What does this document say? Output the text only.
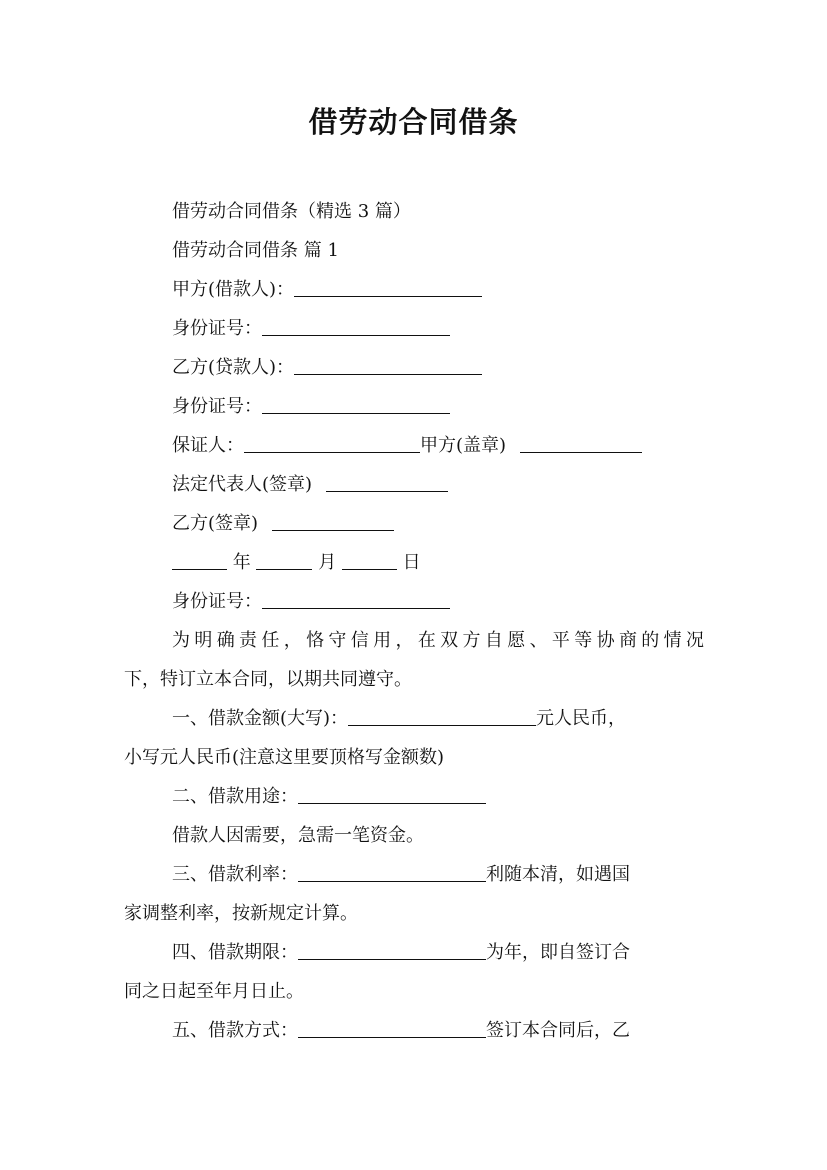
借劳动合同借条
借劳动合同借条（精选 3 篇）
借劳动合同借条 篇 1
甲方(借款人)：
身份证号：
乙方(贷款人)：
身份证号：
保证人：	甲方(盖章)
法定代表人(签章)
乙方(签章)
年	月	日
身份证号：
为明确责任，恪守信用，在双方自愿、平等协商的情况
下，特订立本合同，以期共同遵守。
一、借款金额(大写)：	元人民币，
小写元人民币(注意这里要顶格写金额数)
二、借款用途：
借款人因需要，急需一笔资金。
三、借款利率：	利随本清，如遇国
家调整利率，按新规定计算。
四、借款期限：	为年，即自签订合
同之日起至年月日止。
五、借款方式：	签订本合同后，乙
